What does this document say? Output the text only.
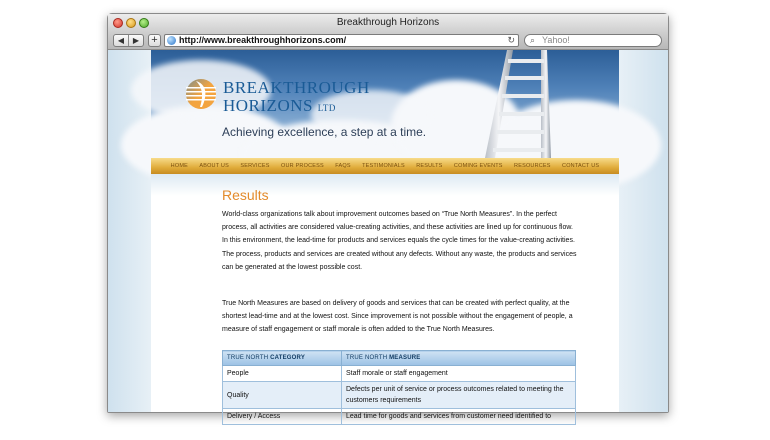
Breakthrough Horizons
◀	▶	+	http://www.breakthroughhorizons.com/	↻ ⌕ Yahoo!
BREAKTHROUGH
HORIZONS LTD
Achieving excellence, a step at a time.
HOME ABOUT US SERVICES OUR PROCESS FAQS TESTIMONIALS RESULTS COMING EVENTS RESOURCES CONTACT US
Results

World-class organizations talk about improvement outcomes based on “True North Measures”. In the perfect process, all activities are considered value-creating activities, and these activities are lined up for continuous flow. In this environment, the lead-time for products and services equals the cycle times for the value-creating activities. The process, products and services are created without any defects. Without any waste, the products and services can be generated at the lowest possible cost.

True North Measures are based on delivery of goods and services that can be created with perfect quality, at the shortest lead-time and at the lowest cost. Since improvement is not possible without the engagement of people, a measure of staff engagement or staff morale is often added to the True North Measures.

TRUE NORTH CATEGORY	TRUE NORTH MEASURE
People	Staff morale or staff engagement
Quality	Defects per unit of service or process outcomes related to meeting the customers requirements
Delivery / Access	Lead time for goods and services from customer need identified to
